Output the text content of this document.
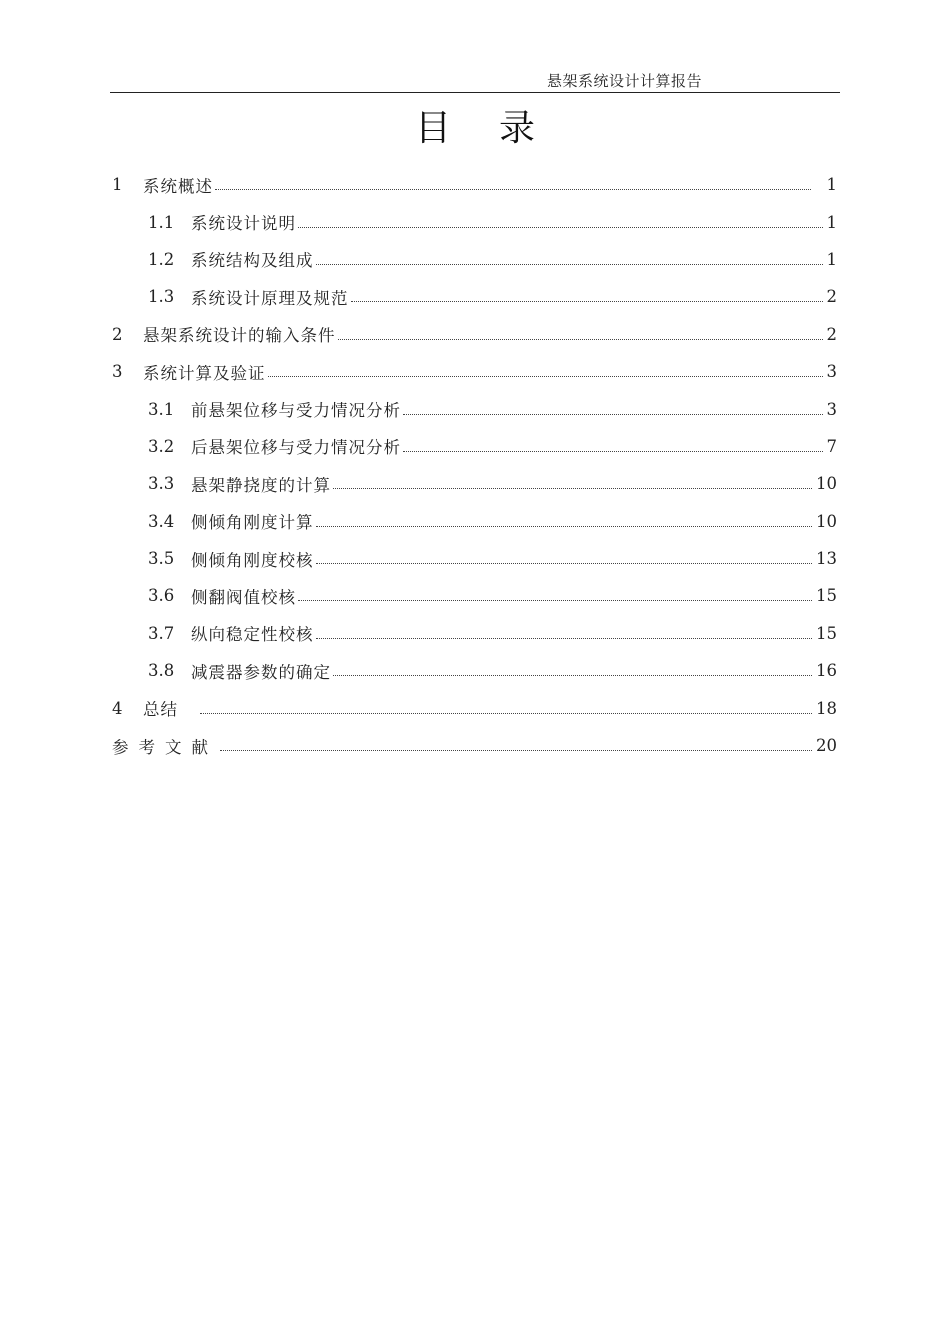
悬架系统设计计算报告
目录
1	系统概述	1
1.1	系统设计说明	1
1.2	系统结构及组成	1
1.3	系统设计原理及规范	2
2	悬架系统设计的输入条件	2
3	系统计算及验证	3
3.1	前悬架位移与受力情况分析	3
3.2	后悬架位移与受力情况分析	7
3.3	悬架静挠度的计算	10
3.4	侧倾角刚度计算	10
3.5	侧倾角刚度校核	13
3.6	侧翻阀值校核	15
3.7	纵向稳定性校核	15
3.8	减震器参数的确定	16
4	总结	18
参考文献	20
